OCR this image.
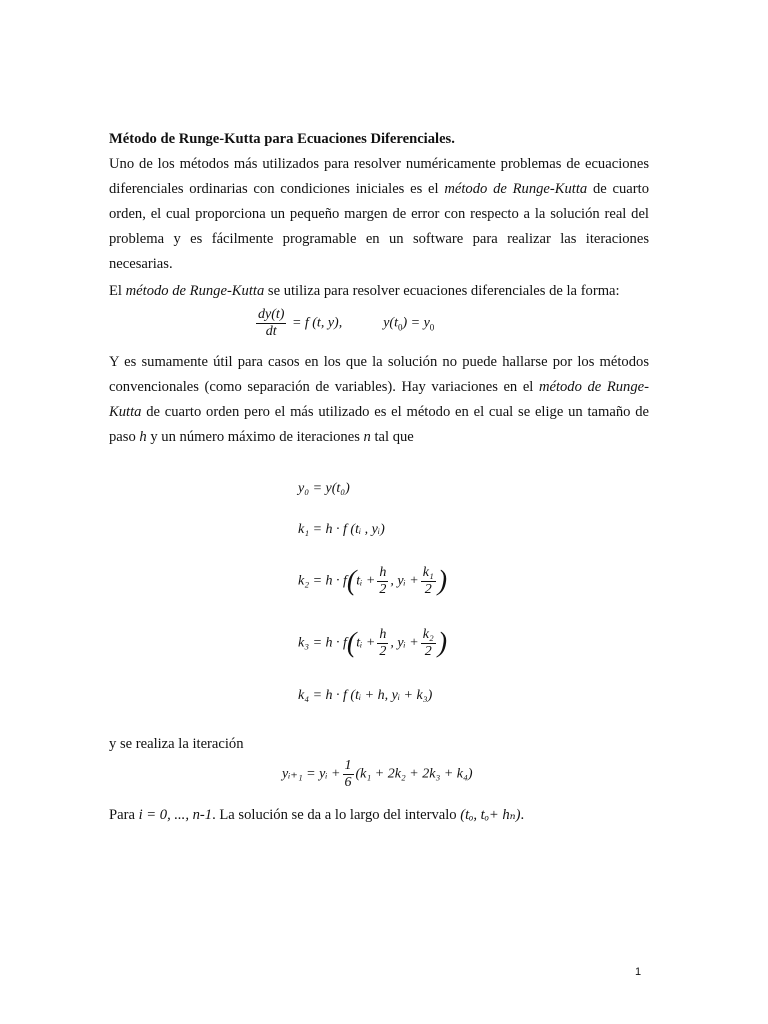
Método de Runge-Kutta para Ecuaciones Diferenciales.
Uno de los métodos más utilizados para resolver numéricamente problemas de ecuaciones diferenciales ordinarias con condiciones iniciales es el método de Runge-Kutta de cuarto orden, el cual proporciona un pequeño margen de error con respecto a la solución real del problema y es fácilmente programable en un software para realizar las iteraciones necesarias.
El método de Runge-Kutta se utiliza para resolver ecuaciones diferenciales de la forma:
$\frac{dy(t)}{dt} = f$ (t, y),	$y(t_0) = y_0$
Y es sumamente útil para casos en los que la solución no puede hallarse por los métodos convencionales (como separación de variables). Hay variaciones en el método de Runge-Kutta de cuarto orden pero el más utilizado es el método en el cual se elige un tamaño de paso h y un número máximo de iteraciones n tal que
y₀ = y(t₀)
k₁ = h · f (tᵢ , yᵢ)
k₂ = h · f(tᵢ + $\frac{h}{2}$ , yᵢ + $\frac{\text{k₁}}{2}$ )
k₃ = h · f(tᵢ + $\frac{h}{2}$ , yᵢ + $\frac{\text{k₂}}{2}$ )
k₄ = h · f (tᵢ + h, yᵢ + k₃)
y se realiza la iteración
yᵢ₊₁ = yᵢ + $\frac{1}{6} (k_1 + 2k_2 + 2k_3 + k_4)$
Para i = 0, ..., n-1. La solución se da a lo largo del intervalo (tₒ, tₒ+ hₙ).
1
